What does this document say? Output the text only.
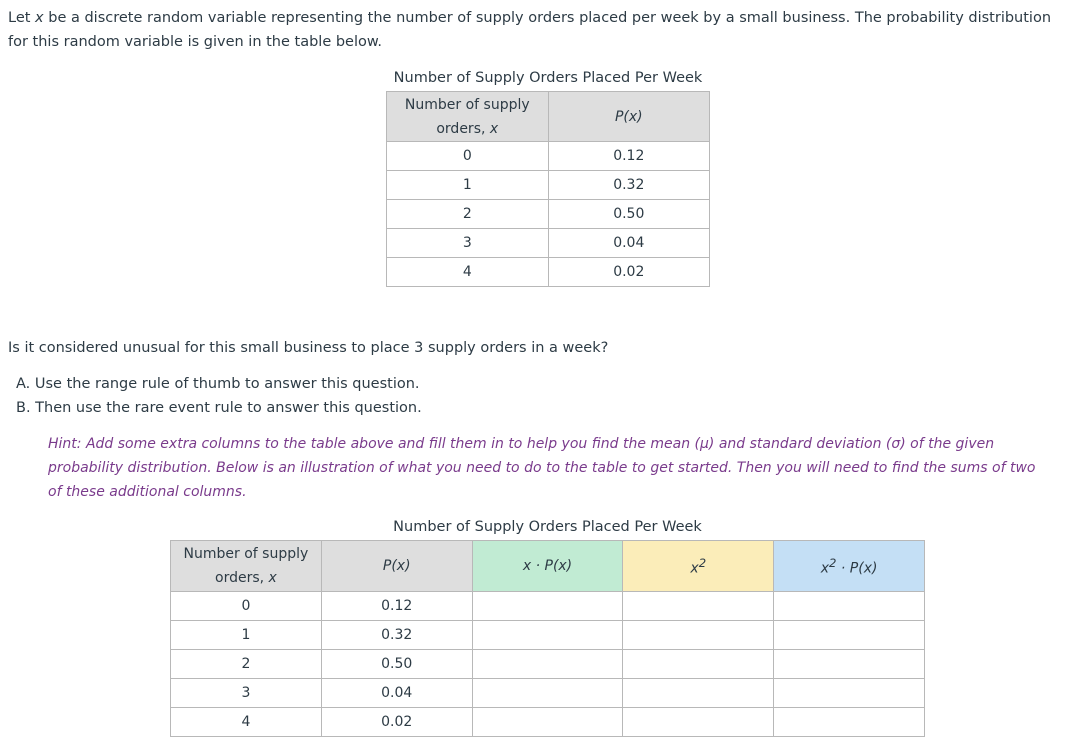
Let x be a discrete random variable representing the number of supply orders placed per week by a small business. The probability distribution for this random variable is given in the table below.

Number of Supply Orders Placed Per Week
Number of supply orders, x	P(x)
0	0.12
1	0.32
2	0.50
3	0.04
4	0.02

Is it considered unusual for this small business to place 3 supply orders in a week?

A. Use the range rule of thumb to answer this question.
B. Then use the rare event rule to answer this question.

Hint: Add some extra columns to the table above and fill them in to help you find the mean (μ) and standard deviation (σ) of the given probability distribution. Below is an illustration of what you need to do to the table to get started. Then you will need to find the sums of two of these additional columns.

Number of Supply Orders Placed Per Week
Number of supply orders, x	P(x)	x · P(x)	$x^2$	$x^2 \cdot P(x)$
0	0.12			
1	0.32			
2	0.50			
3	0.04			
4	0.02			
